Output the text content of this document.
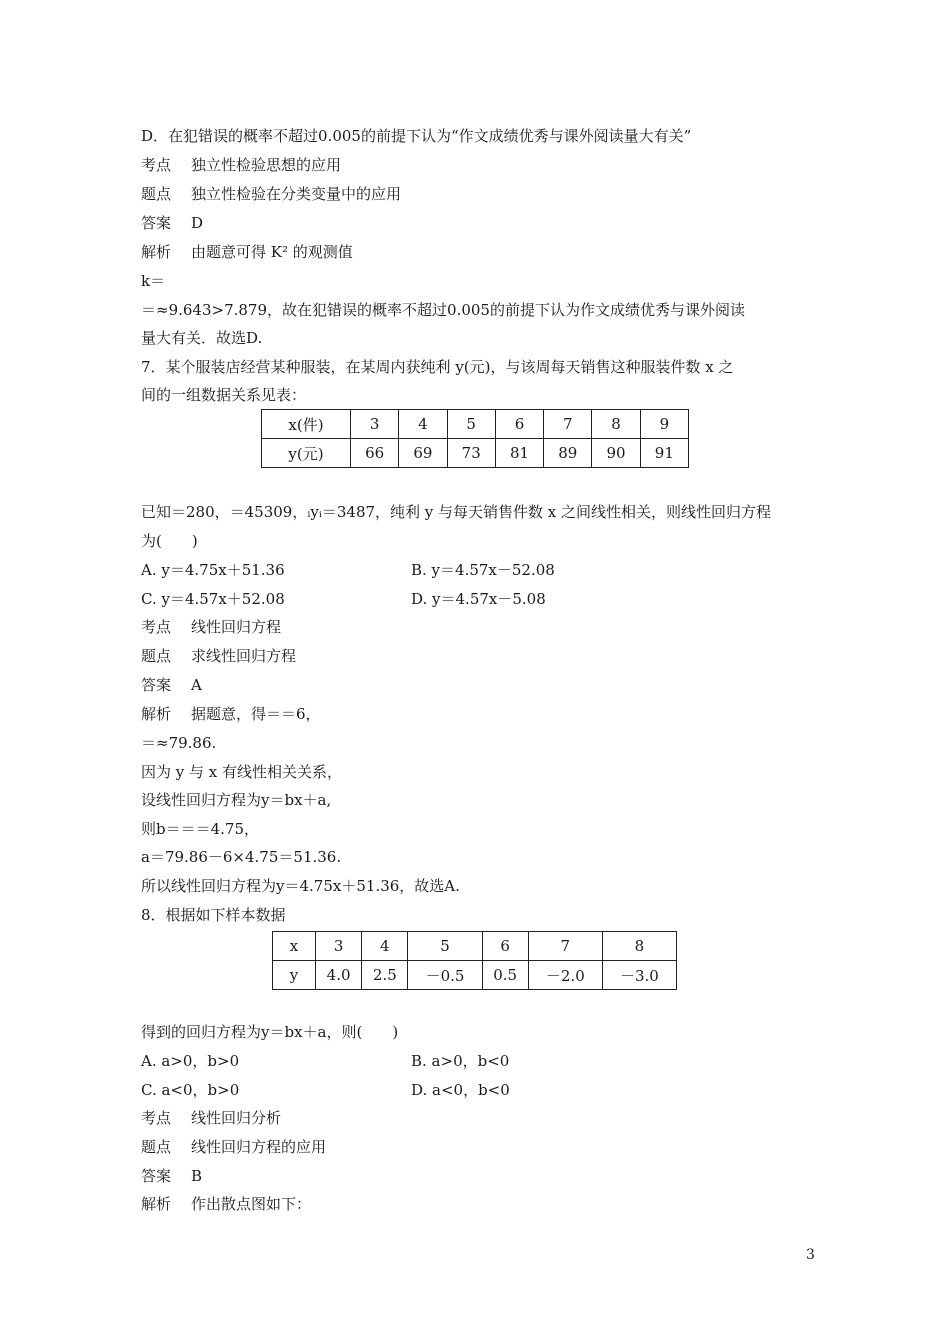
D．在犯错误的概率不超过0.005的前提下认为“作文成绩优秀与课外阅读量大有关”
考点 独立性检验思想的应用
题点 独立性检验在分类变量中的应用
答案 D
解析 由题意可得 K² 的观测值
k＝
＝≈9.643>7.879，故在犯错误的概率不超过0.005的前提下认为作文成绩优秀与课外阅读
量大有关．故选D.
7．某个服装店经营某种服装，在某周内获纯利 y(元)，与该周每天销售这种服装件数 x 之
间的一组数据关系见表：
x(件)	3	4	5	6	7	8	9
y(元)	66	69	73	81	89	90	91
已知＝280，＝45309，ᵢyᵢ＝3487，纯利 y 与每天销售件数 x 之间线性相关，则线性回归方程
为(　　)
A. y＝4.75x＋51.36	B. y＝4.57x－52.08
C. y＝4.57x＋52.08	D. y＝4.57x－5.08
考点 线性回归方程
题点 求线性回归方程
答案 A
解析 据题意，得＝＝6，
＝≈79.86.
因为 y 与 x 有线性相关关系，
设线性回归方程为y＝bx＋a,
则b＝＝＝4.75，
a＝79.86－6×4.75＝51.36.
所以线性回归方程为y＝4.75x＋51.36，故选A.
8．根据如下样本数据
x	3	4	5	6	7	8
y	4.0	2.5	－0.5	0.5	－2.0	－3.0
得到的回归方程为y＝bx＋a，则(　　)
A. a>0，b>0	B. a>0，b<0
C. a<0，b>0	D. a<0，b<0
考点 线性回归分析
题点 线性回归方程的应用
答案 B
解析 作出散点图如下：
3
